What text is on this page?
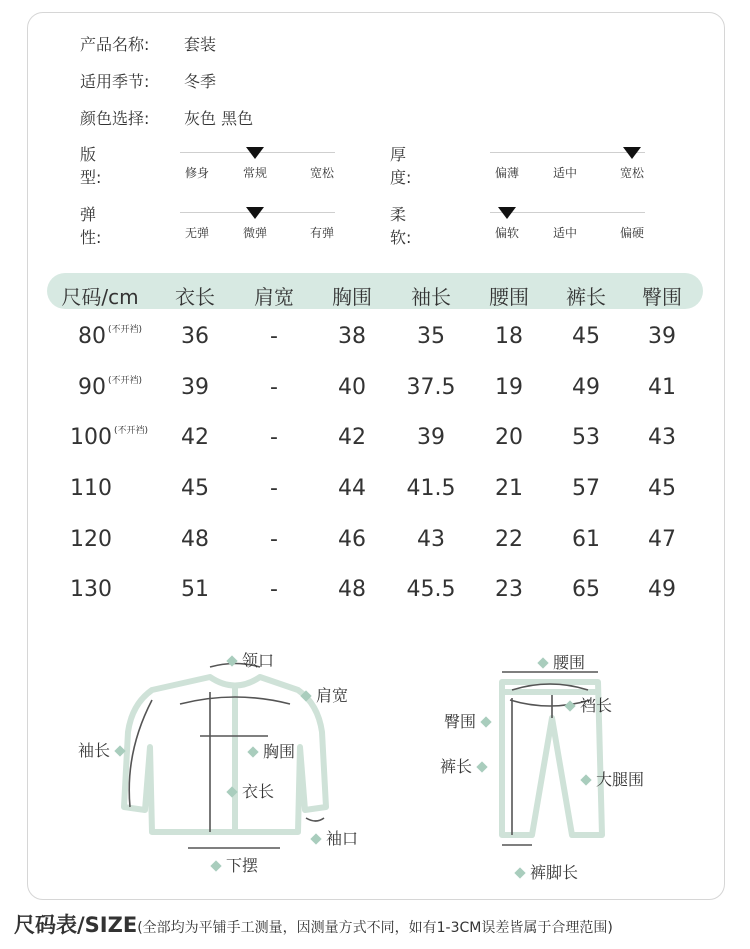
产品名称: 套装
适用季节: 冬季
颜色选择: 灰色 黑色
版　　型:	修身	常规	宽松
厚　　度:	偏薄	适中	宽松
弹　　性:	无弹	微弹	有弹
柔　　软:	偏软	适中	偏硬
尺码/cm	衣长	肩宽	胸围	袖长	腰围	裤长	臀围
80 $^{(不开裆)}$	36	-	38	35	18	45	39
90 $^{(不开裆)}$	39	-	40	37.5	19	49	41
100 $^{(不开裆)}$	42	-	42	39	20	53	43
110	45	-	44	41.5	21	57	45
120	48	-	46	43	22	61	47
130	51	-	48	45.5	23	65	49
领口
肩宽
袖长	胸围
衣长
袖口
下摆
腰围
裆长
臀围
裤长
大腿围
裤脚长
尺码表/SIZE(全部均为平铺手工测量，因测量方式不同，如有1-3CM误差皆属于合理范围)
